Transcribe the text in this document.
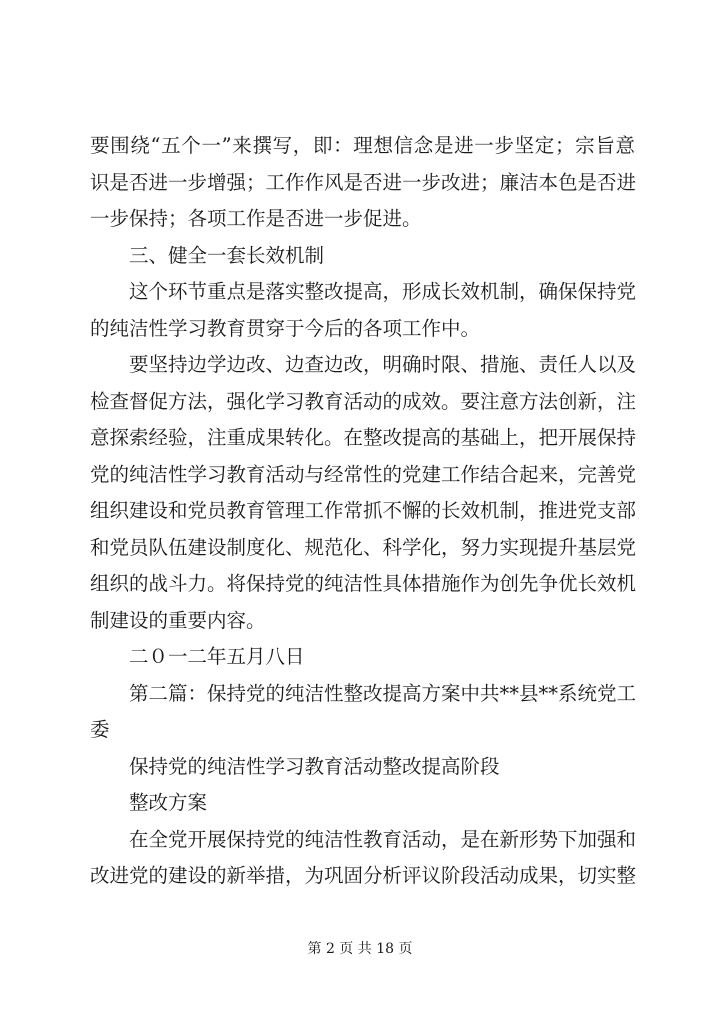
要围绕“五个一”来撰写，即：理想信念是进一步坚定；宗旨意
识是否进一步增强；工作作风是否进一步改进；廉洁本色是否进
一步保持；各项工作是否进一步促进。
三、健全一套长效机制
这个环节重点是落实整改提高，形成长效机制，确保保持党
的纯洁性学习教育贯穿于今后的各项工作中。
要坚持边学边改、边查边改，明确时限、措施、责任人以及
检查督促方法，强化学习教育活动的成效。要注意方法创新，注
意探索经验，注重成果转化。在整改提高的基础上，把开展保持
党的纯洁性学习教育活动与经常性的党建工作结合起来，完善党
组织建设和党员教育管理工作常抓不懈的长效机制，推进党支部
和党员队伍建设制度化、规范化、科学化，努力实现提升基层党
组织的战斗力。将保持党的纯洁性具体措施作为创先争优长效机
制建设的重要内容。
二０一二年五月八日
第二篇：保持党的纯洁性整改提高方案中共**县**系统党工
委
保持党的纯洁性学习教育活动整改提高阶段
整改方案
在全党开展保持党的纯洁性教育活动，是在新形势下加强和
改进党的建设的新举措，为巩固分析评议阶段活动成果，切实整
第 2 页 共 18 页
